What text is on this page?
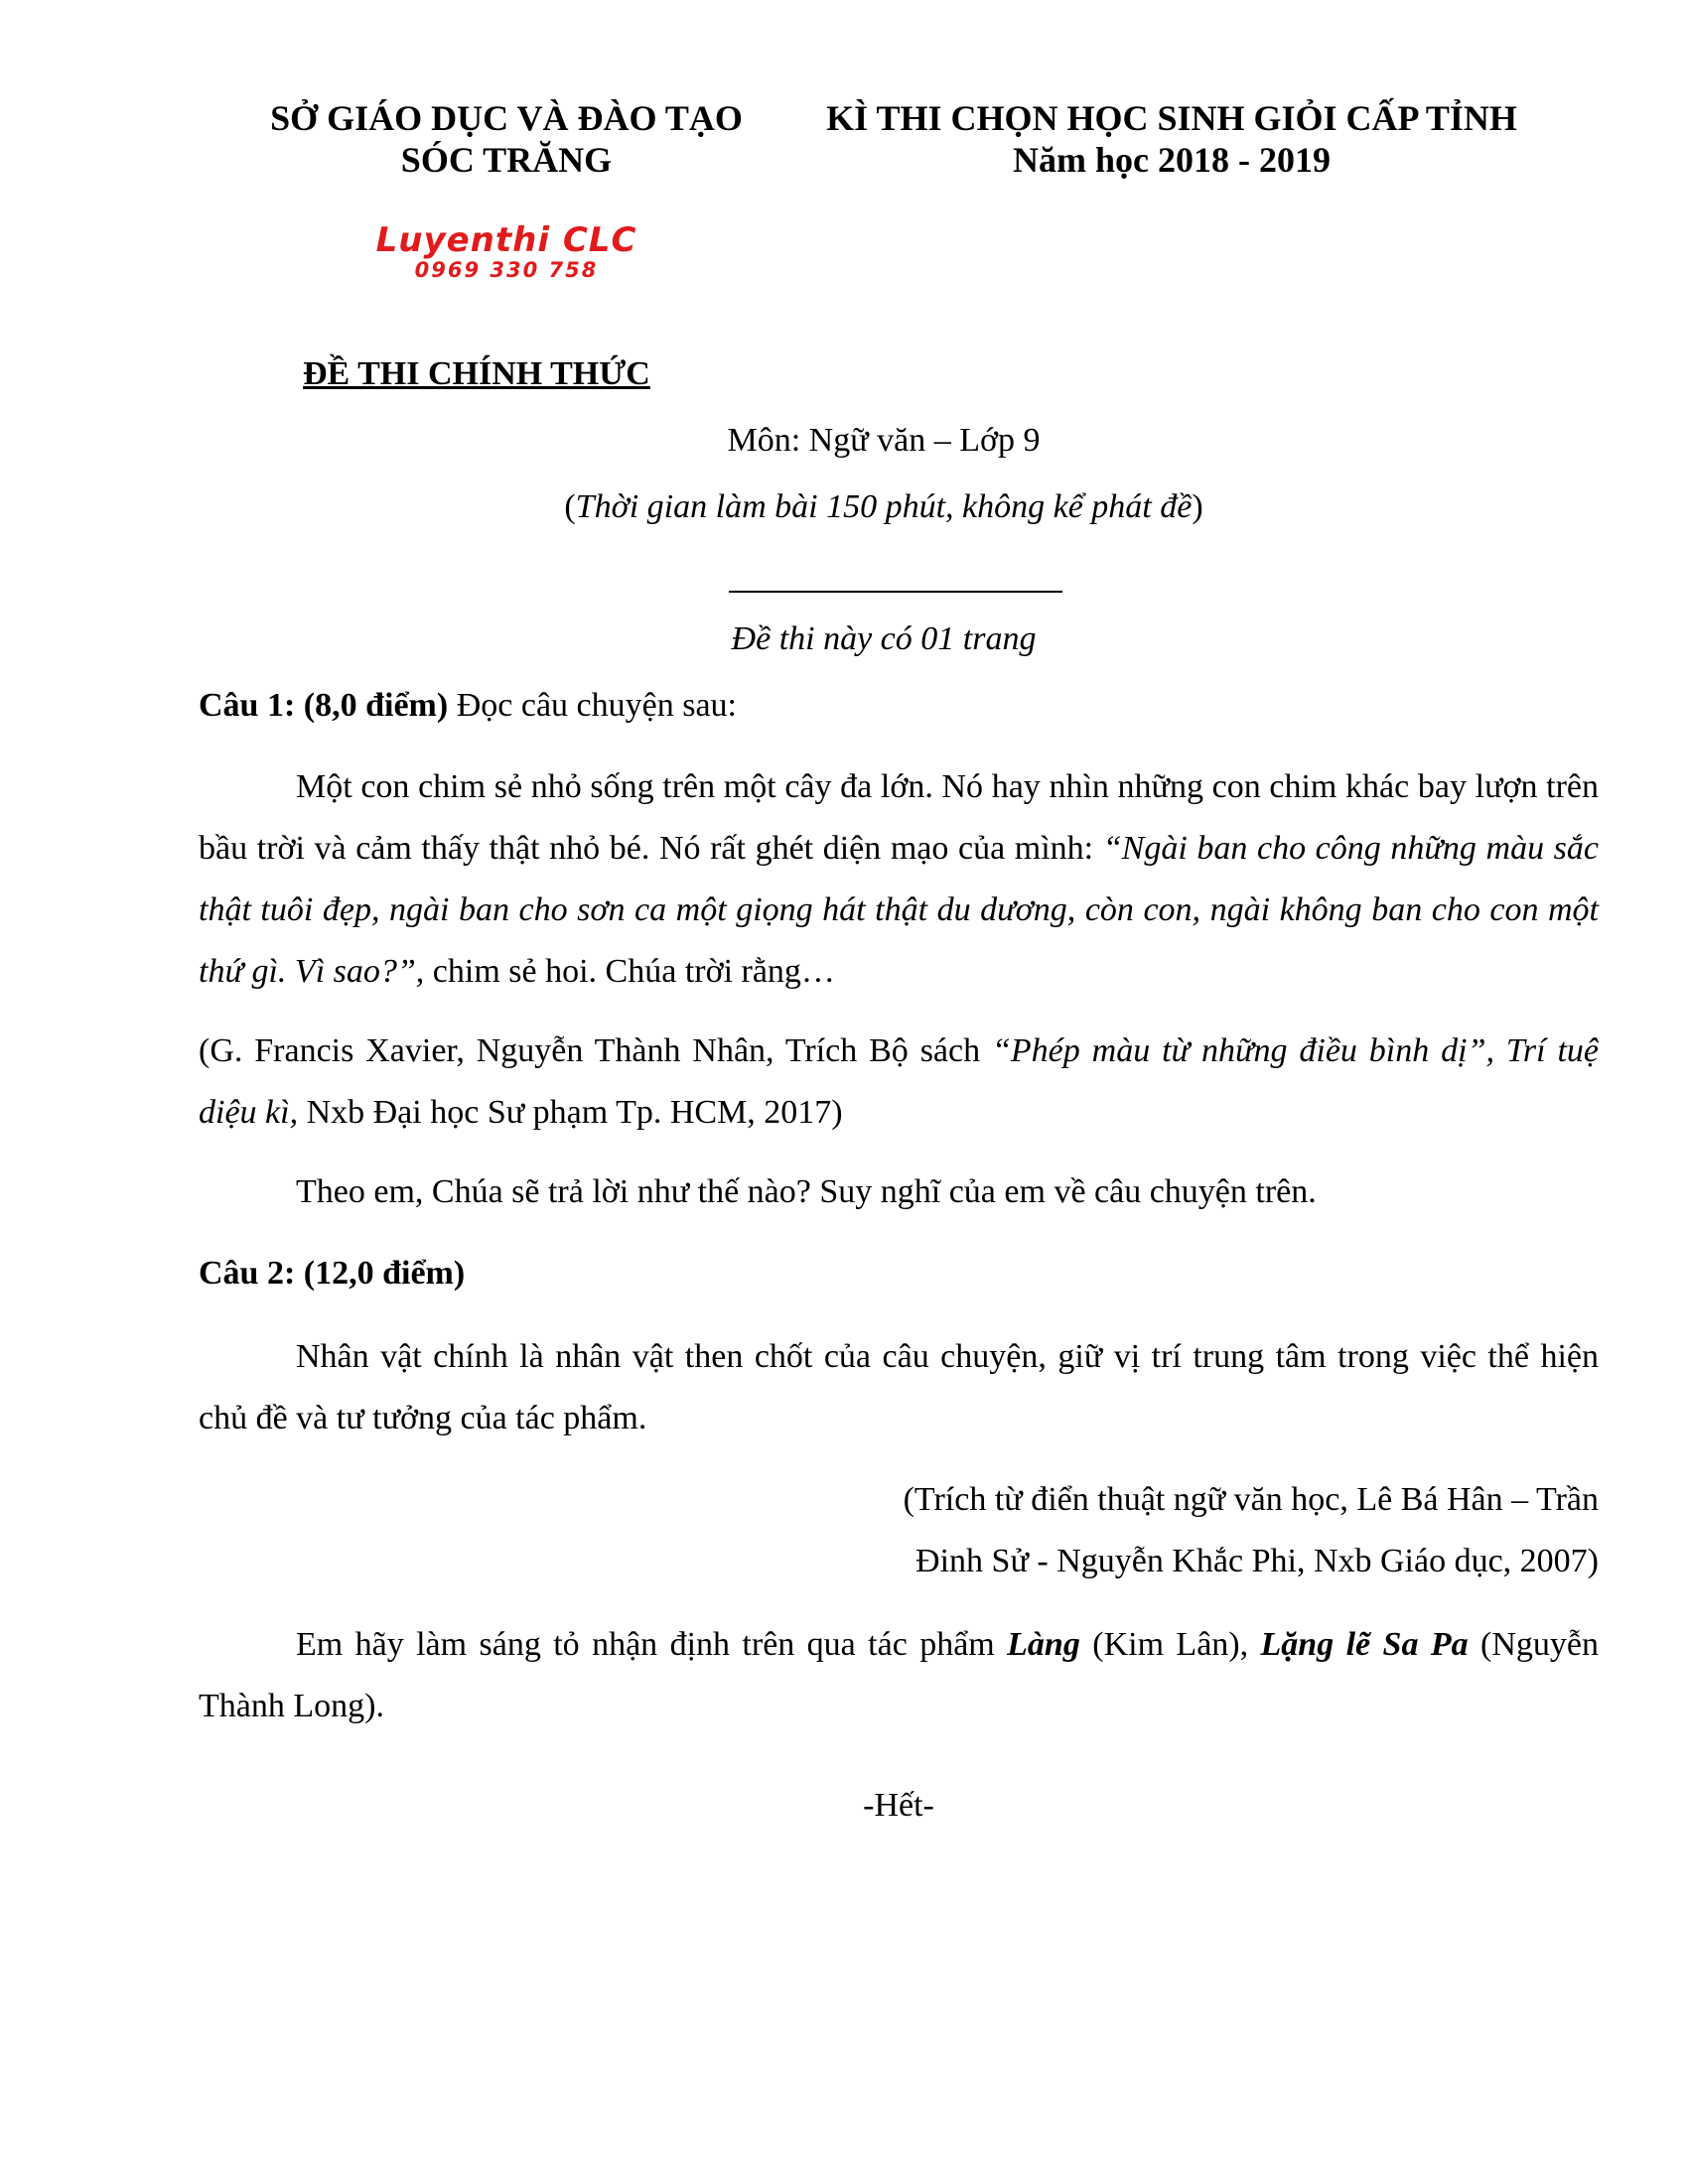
SỞ GIÁO DỤC VÀ ĐÀO TẠO
SÓC TRĂNG
KÌ THI CHỌN HỌC SINH GIỎI CẤP TỈNH
Năm học 2018 - 2019
Luyenthi CLC
0969 330 758
ĐỀ THI CHÍNH THỨC
Môn: Ngữ văn – Lớp 9
(Thời gian làm bài 150 phút, không kể phát đề)
Đề thi này có 01 trang

Câu 1: (8,0 điểm) Đọc câu chuyện sau:

Một con chim sẻ nhỏ sống trên một cây đa lớn. Nó hay nhìn những con chim khác bay lượn trên bầu trời và cảm thấy thật nhỏ bé. Nó rất ghét diện mạo của mình: “Ngài ban cho công những màu sắc thật tuôi đẹp, ngài ban cho sơn ca một giọng hát thật du dương, còn con, ngài không ban cho con một thứ gì. Vì sao?”, chim sẻ hoi. Chúa trời rằng…

(G. Francis Xavier, Nguyễn Thành Nhân, Trích Bộ sách “Phép màu từ những điều bình dị”, Trí tuệ diệu kì, Nxb Đại học Sư phạm Tp. HCM, 2017)

Theo em, Chúa sẽ trả lời như thế nào? Suy nghĩ của em về câu chuyện trên.

Câu 2: (12,0 điểm)

Nhân vật chính là nhân vật then chốt của câu chuyện, giữ vị trí trung tâm trong việc thể hiện chủ đề và tư tưởng của tác phẩm.

(Trích từ điển thuật ngữ văn học, Lê Bá Hân – Trần
Đinh Sử - Nguyễn Khắc Phi, Nxb Giáo dục, 2007)

Em hãy làm sáng tỏ nhận định trên qua tác phẩm Làng (Kim Lân), Lặng lẽ Sa Pa (Nguyễn Thành Long).

-Hết-
